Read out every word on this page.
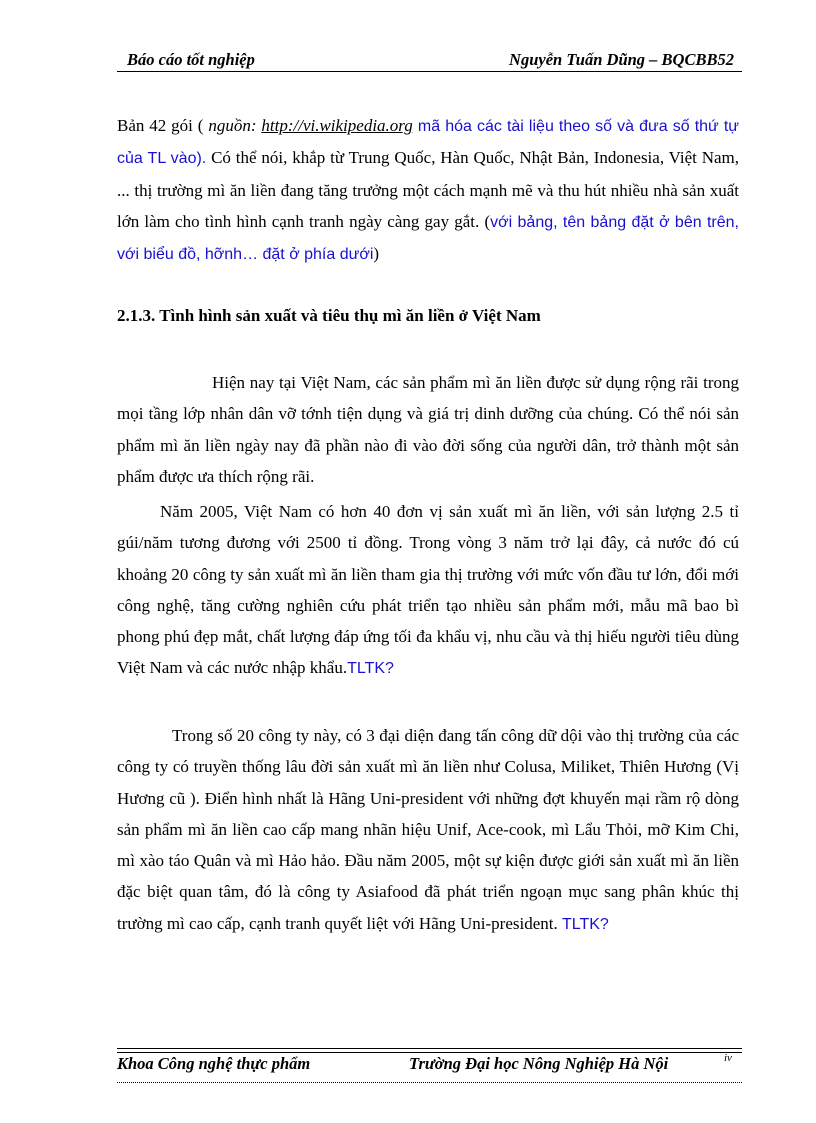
Báo cáo tốt nghiệp	Nguyễn Tuấn Dũng – BQCBB52
Bản 42 gói ( nguồn: http://vi.wikipedia.org mã hóa các tài liệu theo số và đưa số thứ tự của TL vào). Có thể nói, khắp từ Trung Quốc, Hàn Quốc, Nhật Bản, Indonesia, Việt Nam, ... thị trường mì ăn liền đang tăng trưởng một cách mạnh mẽ và thu hút nhiều nhà sản xuất lớn làm cho tình hình cạnh tranh ngày càng gay gắt. (với bảng, tên bảng đặt ở bên trên, với biểu đồ, hỡnh… đặt ở phía dưới)
2.1.3. Tình hình sản xuất và tiêu thụ mì ăn liền ở Việt Nam
Hiện nay tại Việt Nam, các sản phẩm mì ăn liền được sử dụng rộng rãi trong mọi tầng lớp nhân dân vỡ tớnh tiện dụng và giá trị dinh dưỡng của chúng. Có thể nói sản phẩm mì ăn liền ngày nay đã phần nào đi vào đời sống của người dân, trở thành một sản phẩm được ưa thích rộng rãi.
Năm 2005, Việt Nam có hơn 40 đơn vị sản xuất mì ăn liền, với sản lượng 2.5 tỉ gúi/năm tương đương với 2500 tỉ đồng. Trong vòng 3 năm trở lại đây, cả nước đó cú khoảng 20 công ty sản xuất mì ăn liền tham gia thị trường với mức vốn đầu tư lớn, đổi mới công nghệ, tăng cường nghiên cứu phát triển tạo nhiều sản phẩm mới, mẫu mã bao bì phong phú đẹp mắt, chất lượng đáp ứng tối đa khẩu vị, nhu cầu và thị hiếu người tiêu dùng Việt Nam và các nước nhập khẩu.TLTK?
Trong số 20 công ty này, có 3 đại diện đang tấn công dữ dội vào thị trường của các công ty có truyền thống lâu đời sản xuất mì ăn liền như Colusa, Miliket, Thiên Hương (Vị Hương cũ ). Điển hình nhất là Hãng Uni-president với những đợt khuyến mại rầm rộ dòng sản phẩm mì ăn liền cao cấp mang nhãn hiệu Unif, Ace-cook, mì Lẩu Thỏi, mỡ Kim Chi, mì xào táo Quân và mì Hảo hảo. Đầu năm 2005, một sự kiện được giới sản xuất mì ăn liền đặc biệt quan tâm, đó là công ty Asiafood đã phát triển ngoạn mục sang phân khúc thị trường mì cao cấp, cạnh tranh quyết liệt với Hãng Uni-president. TLTK?
Khoa Công nghệ thực phẩm	Trường Đại học Nông Nghiệp Hà Nội	iv
